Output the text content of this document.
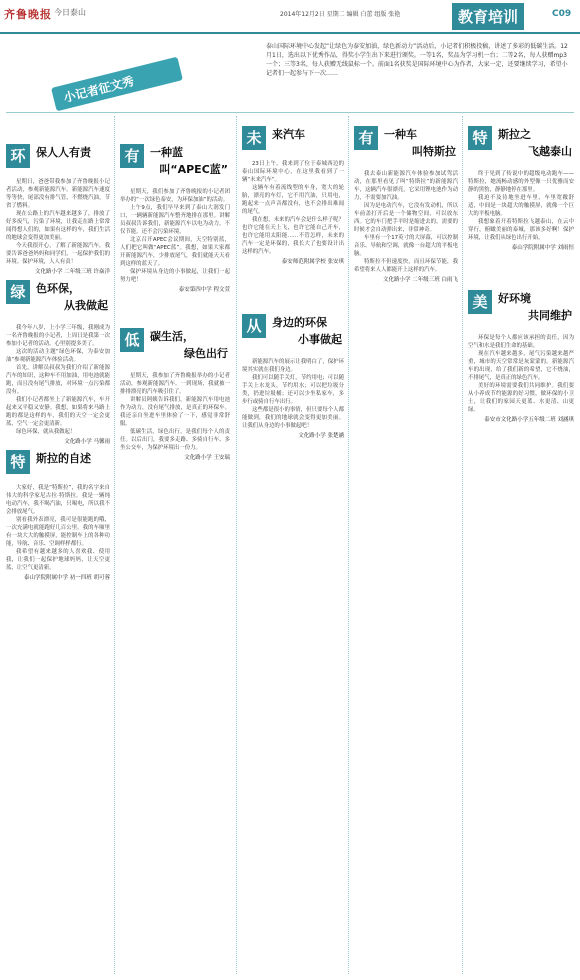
齐鲁晚报 今日泰山	2014年12月2日 星期二 编辑 白蕾 组版 张艳	教育培训	C09
小记者征文秀
泰山国际环境中心发起“让绿色为泰安加油，绿色新动力”活动后，小记者们积极投稿，讲述了多彩的低碳生活。12月1日，选出以下优秀作品，得奖小学生出下来进行颁奖。一等1名，奖品为学习机一台；二等2名，每人获赠mp3一个；三等3名，每人获赠无线鼠标一个。前面1名获奖是国际环境中心为作者，大家一定，还要继续学习，希望小记者们一起参与下一次……
环 保人人有责

星期日，爸爸带我参加了齐鲁晚报小记者活动，参观新能源汽车。新能源汽车速度等等快，尾部没有排气管，不燃烧汽油，节省了燃料。

现在公路上的汽车越来越多了，排放了好多废气，污染了环境，让我走在路上常常闻得想人们的，如果有这样的车，我们生活的地球会变得更加美丽。

今天我很开心，了解了新能源汽车，我要告诉爸爸妈妈和同学们，一起保护我们的环境。保护环境，人人有责！

文化路小学 二年级三班 许焱洋
绿 色环保，
从我做起

我今年八岁，上小学三年级，我刚成为一名齐鲁晚报的小记者，上周日是我第一次参加小记者的活动，心里别提多美了。

这次的活动主题“绿色环保，为泰安加油”参观新能源汽车体验活动。

首先，讲解员叔叔为我们介绍了新能源汽车的知识，这种车不用加油，用电池就能跑，而且没有尾气排放，对环境一点污染都没有。

我们小记者都坐上了新能源汽车，车开起来又平稳又安静。我想，如果将来马路上跑的都是这样的车，我们的天空一定会更蓝，空气一定会更清新。

绿色环保，就从我做起！

文化路小学 马馨雨
特 斯拉的自述

大家好，我是“特斯拉”，我的名字来自伟大的科学家尼古拉·特斯拉。我是一辆纯电动汽车，我不喝汽油，只喝电，所以我不会排放尾气。

别看我外表漂亮，我可是很能跑的哦，一次充满电就能跑好几百公里。我的车厢里有一块大大的触摸屏，能控制车上的各种功能，导航、音乐、空调样样都行。

我希望有越来越多的人喜欢我、使用我，让我们一起保护地球妈妈，让天空更蓝，让空气更清新。

泰山学院附属中学 初一四班 胡可蓉
有 一种蓝
叫“APEC蓝”

星期天，我们参加了齐鲁晚报的小记者团举办的“一次绿色泰安，为环保加油”的活动。

上午9点，我们早早来到了泰山大润发门口，一辆辆新能源汽车整齐地排在那里。讲解员叔叔告诉我们，新能源汽车以电为动力，不仅节能，还不会污染环境。

北京召开APEC会议期间，天空特别蓝，人们把它叫做“APEC蓝”。我想，如果大家都开新能源汽车，少排放尾气，我们就能天天看到这样的蓝天了。

保护环境从身边的小事做起，让我们一起努力吧！

泰安第四中学 程文萱
低 碳生活，
绿色出行

星期天，我参加了齐鲁晚报举办的小记者活动，参观新能源汽车。一到现场，我就被一排排漂亮的汽车吸引住了。

讲解员阿姨告诉我们，新能源汽车用电池作为动力，没有尾气排放，是真正的环保车。我还亲自坐进车里体验了一下，感觉非常舒服。

低碳生活，绿色出行，是我们每个人的责任。以后出门，我要多走路、多骑自行车、多坐公交车，为保护环境出一份力。

文化路小学 王安瑞
未 来汽车

23日上午，我来到了位于泰城西边的泰山国际环境中心，在这里我看到了一辆“未来汽车”。

这辆车有着流线型的车身，宽大的轮胎，漂亮的车灯，它不用汽油，只用电，跑起来一点声音都没有，也不会排出难闻的尾气。

我在想，未来的汽车会是什么样子呢？也许它能在天上飞，也许它能自己开车，也许它能用太阳能……不管怎样，未来的汽车一定是环保的，我长大了也要设计出这样的汽车。

泰安师范附属学校 张安琪
从 身边的环保
小事做起

新能源汽车的展示让我明白了，保护环境其实就在我们身边。

我们可以随手关灯，节约用电；可以随手关上水龙头，节约用水；可以把垃圾分类，扔进垃圾桶；还可以少坐私家车，多步行或骑自行车出行。

这些都是很小的事情，但只要每个人都能做到，我们的地球就会变得更加美丽。让我们从身边的小事做起吧！

文化路小学 张楚涵
有 一种车
叫特斯拉

我去泰山新能源汽车体验参加试驾活动，在那里看见了叫“特斯拉”的新能源汽车，这辆汽车很漂亮，它采用锂电池作为动力，不需要加汽油。

因为是电动汽车，它没有发动机，所以车前盖打开后是一个储物空间，可以放东西。它的车门把手平时是缩进去的，需要的时候才会自动弹出来，非常神奇。

车里有一个17英寸的大屏幕，可以控制音乐、导航和空调，就像一台超大的平板电脑。

特斯拉不但速度快，而且环保节能，我希望将来人人都能开上这样的汽车。

文化路小学 二年级三班 白雨飞
特 斯拉之
飞越泰山

终于见到了传说中的超级电动跑车——特斯拉，她流畅动感的外型像一只优雅而安静的黑豹，静静地停在那里。

我迫不及待地坐进车里，车里宽敞舒适，中间是一块超大的触摸屏，就像一个巨大的平板电脑。

我想象着开着特斯拉飞越泰山，在云中穿行，俯瞰美丽的泰城，那该多好啊！保护环境，让我们从绿色出行开始。

泰山学院附属中学 刘雨恒
美 好环境
共同维护

环保是每个人都应该承担的责任，因为空气和水是我们生命的基础。

现在汽车越来越多，尾气污染越来越严重，城市的天空常常是灰蒙蒙的。新能源汽车的出现，给了我们新的希望，它不烧油，不排尾气，是真正的绿色汽车。

美好的环境需要我们共同维护。我们要从小养成节约能源的好习惯，做环保的小卫士，让我们的家园天更蓝、水更清、山更绿。

泰安市文化路小学五年级二班 刘涵琪
